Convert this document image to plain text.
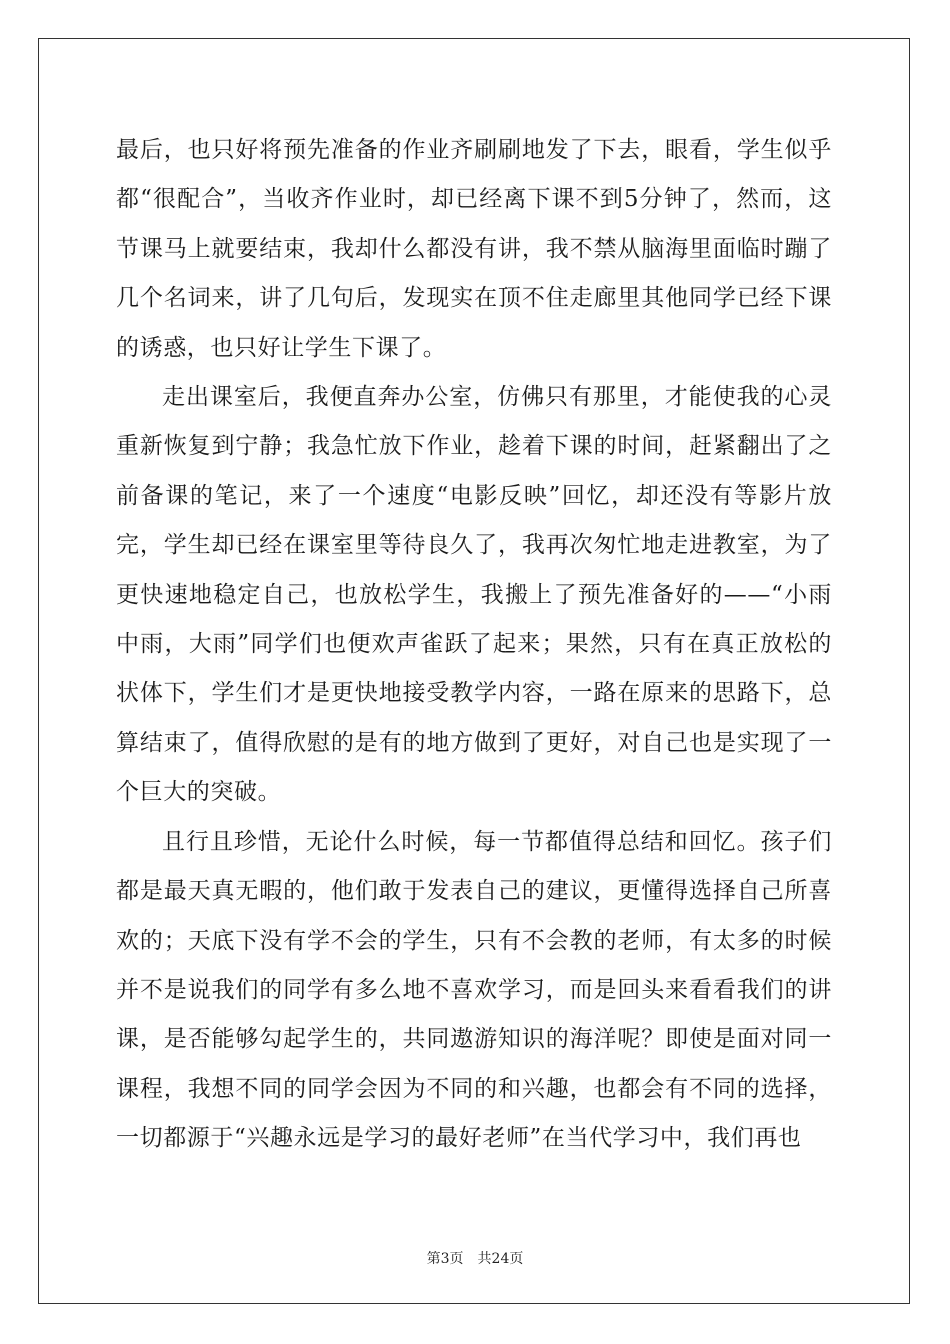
最后，也只好将预先准备的作业齐刷刷地发了下去，眼看，学生似乎都“很配合”，当收齐作业时，却已经离下课不到5分钟了，然而，这节课马上就要结束，我却什么都没有讲，我不禁从脑海里面临时蹦了几个名词来，讲了几句后，发现实在顶不住走廊里其他同学已经下课的诱惑，也只好让学生下课了。

走出课室后，我便直奔办公室，仿佛只有那里，才能使我的心灵重新恢复到宁静；我急忙放下作业，趁着下课的时间，赶紧翻出了之前备课的笔记，来了一个速度“电影反映”回忆，却还没有等影片放完，学生却已经在课室里等待良久了，我再次匆忙地走进教室，为了更快速地稳定自己，也放松学生，我搬上了预先准备好的——“小雨中雨，大雨”同学们也便欢声雀跃了起来；果然，只有在真正放松的状体下，学生们才是更快地接受教学内容，一路在原来的思路下，总算结束了，值得欣慰的是有的地方做到了更好，对自己也是实现了一个巨大的突破。

且行且珍惜，无论什么时候，每一节都值得总结和回忆。孩子们都是最天真无暇的，他们敢于发表自己的建议，更懂得选择自己所喜欢的；天底下没有学不会的学生，只有不会教的老师，有太多的时候并不是说我们的同学有多么地不喜欢学习，而是回头来看看我们的讲课，是否能够勾起学生的，共同遨游知识的海洋呢？即使是面对同一课程，我想不同的同学会因为不同的和兴趣，也都会有不同的选择，一切都源于“兴趣永远是学习的最好老师”在当代学习中，我们再也

第3页 共24页
